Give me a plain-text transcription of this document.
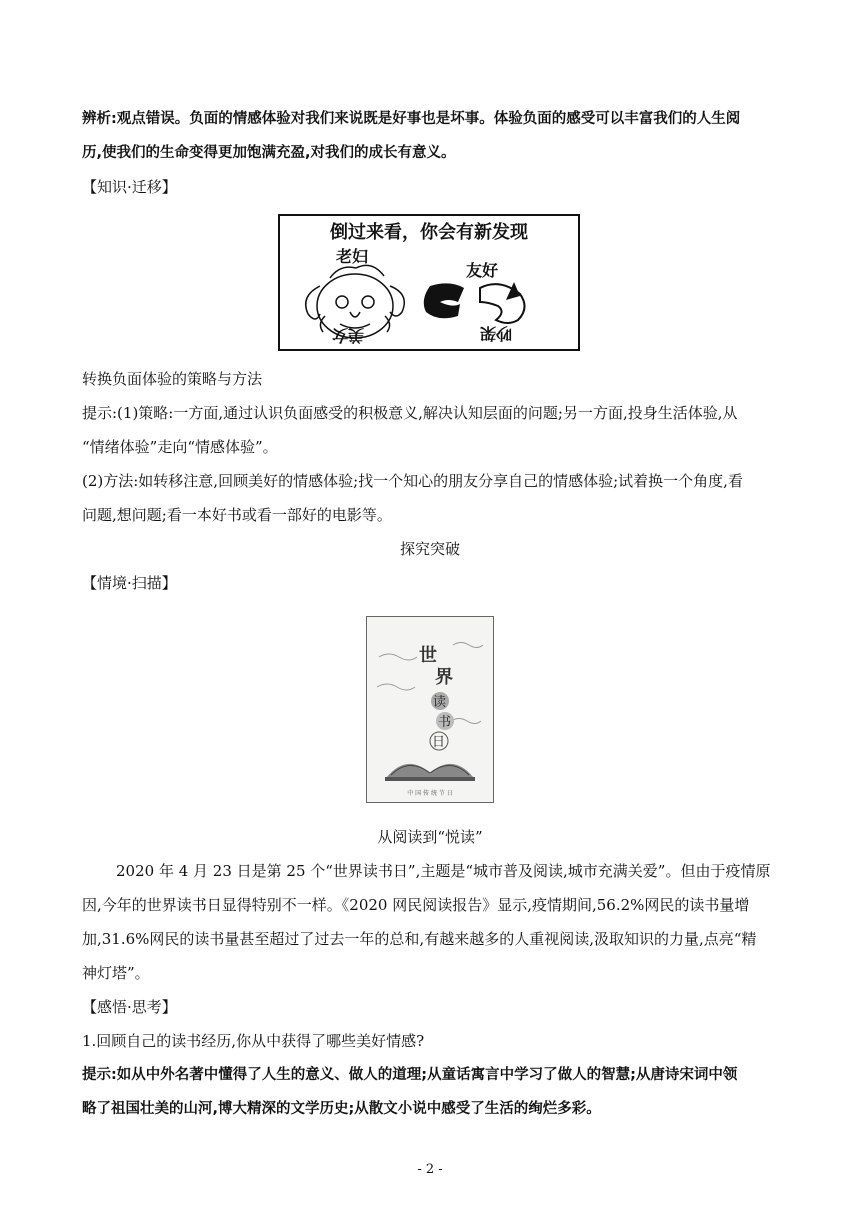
辨析:观点错误。负面的情感体验对我们来说既是好事也是坏事。体验负面的感受可以丰富我们的人生阅
历,使我们的生命变得更加饱满充盈,对我们的成长有意义。
【知识·迁移】
倒过来看，你会有新发现
老妇
美女
友好
吵架
转换负面体验的策略与方法
提示:(1)策略:一方面,通过认识负面感受的积极意义,解决认知层面的问题;另一方面,投身生活体验,从
“情绪体验”走向“情感体验”。
(2)方法:如转移注意,回顾美好的情感体验;找一个知心的朋友分享自己的情感体验;试着换一个角度,看
问题,想问题;看一本好书或看一部好的电影等。
探究突破
【情境·扫描】
世
界
读
书
日
中 国 传 统 节 日
从阅读到“悦读”
2020 年 4 月 23 日是第 25 个“世界读书日”,主题是“城市普及阅读,城市充满关爱”。但由于疫情原
因,今年的世界读书日显得特别不一样。《2020 网民阅读报告》显示,疫情期间,56.2%网民的读书量增
加,31.6%网民的读书量甚至超过了过去一年的总和,有越来越多的人重视阅读,汲取知识的力量,点亮“精
神灯塔”。
【感悟·思考】
1.回顾自己的读书经历,你从中获得了哪些美好情感?
提示:如从中外名著中懂得了人生的意义、做人的道理;从童话寓言中学习了做人的智慧;从唐诗宋词中领
略了祖国壮美的山河,博大精深的文学历史;从散文小说中感受了生活的绚烂多彩。
- 2 -
